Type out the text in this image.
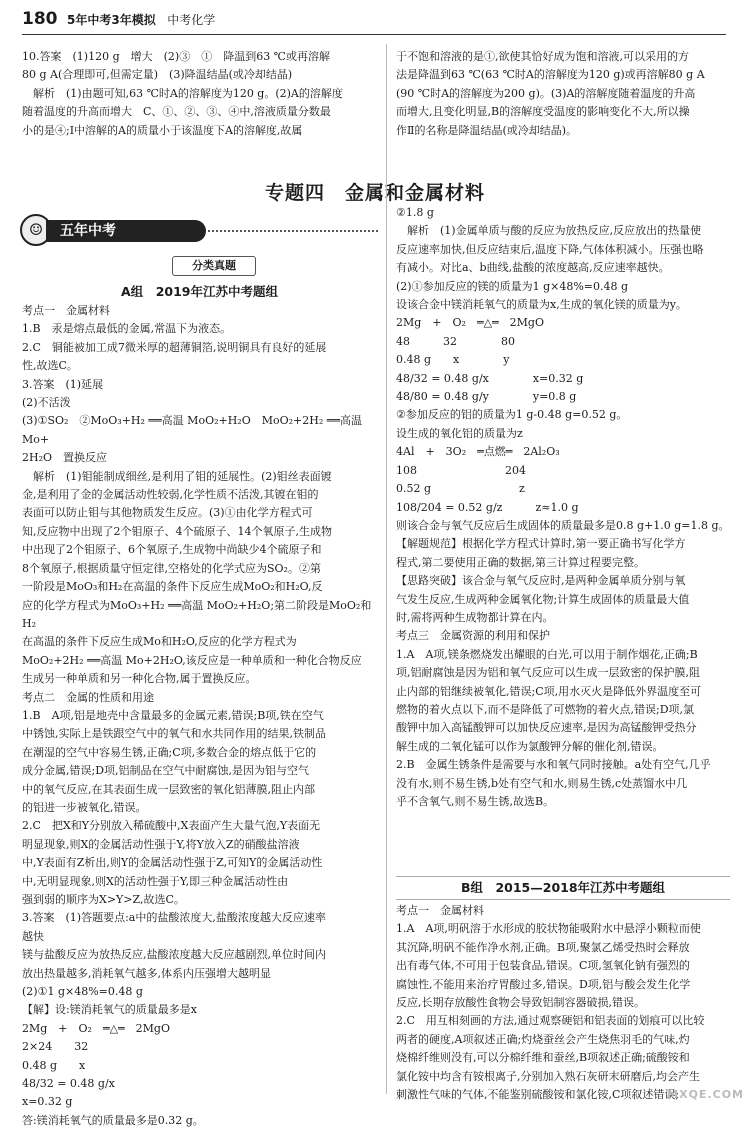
180 5年中考3年模拟 中考化学
10.答案　(1)120 g　增大　(2)③　①　降温到63 ℃或再溶解
80 g A(合理即可,但需定量)　(3)降温结晶(或冷却结晶)
　解析　(1)由题可知,63 ℃时A的溶解度为120 g。(2)A的溶解度
随着温度的升高而增大　C、①、②、③、④中,溶液质量分数最
小的是④;Ⅰ中溶解的A的质量小于该温度下A的溶解度,故属
于不饱和溶液的是①,欲使其恰好成为饱和溶液,可以采用的方
法是降温到63 ℃(63 ℃时A的溶解度为120 g)或再溶解80 g A
(90 ℃时A的溶解度为200 g)。(3)A的溶解度随着温度的升高
而增大,且变化明显,B的溶解度受温度的影响变化不大,所以操
作Ⅱ的名称是降温结晶(或冷却结晶)。
专题四　金属和金属材料
☺	五年中考
分类真题
A组　2019年江苏中考题组
考点一　金属材料
1.B　汞是熔点最低的金属,常温下为液态。
2.C　铜能被加工成7微米厚的超薄铜箔,说明铜具有良好的延展
性,故选C。
3.答案　(1)延展
(2)不活泼
(3)①SO₂　②MoO₃+H₂ ══高温 MoO₂+H₂O　MoO₂+2H₂ ══高温 Mo+
2H₂O　置换反应
　解析　(1)钼能制成细丝,是利用了钼的延展性。(2)钼丝表面镀
金,是利用了金的金属活动性较弱,化学性质不活泼,其镀在钼的
表面可以防止钼与其他物质发生反应。(3)①由化学方程式可
知,反应物中出现了2个钼原子、4个硫原子、14个氧原子,生成物
中出现了2个钼原子、6个氧原子,生成物中尚缺少4个硫原子和
8个氧原子,根据质量守恒定律,空格处的化学式应为SO₂。②第
一阶段是MoO₃和H₂在高温的条件下反应生成MoO₂和H₂O,反
应的化学方程式为MoO₃+H₂ ══高温 MoO₂+H₂O;第二阶段是MoO₂和H₂
在高温的条件下反应生成Mo和H₂O,反应的化学方程式为
MoO₂+2H₂ ══高温 Mo+2H₂O,该反应是一种单质和一种化合物反应
生成另一种单质和另一种化合物,属于置换反应。
考点二　金属的性质和用途
1.B　A项,铝是地壳中含量最多的金属元素,错误;B项,铁在空气
中锈蚀,实际上是铁跟空气中的氧气和水共同作用的结果,铁制品
在潮湿的空气中容易生锈,正确;C项,多数合金的熔点低于它的
成分金属,错误;D项,铝制品在空气中耐腐蚀,是因为铝与空气
中的氧气反应,在其表面生成一层致密的氧化铝薄膜,阻止内部
的铝进一步被氧化,错误。
2.C　把X和Y分别放入稀硫酸中,X表面产生大量气泡,Y表面无
明显现象,则X的金属活动性强于Y,将Y放入Z的硝酸盐溶液
中,Y表面有Z析出,则Y的金属活动性强于Z,可知Y的金属活动性
中,无明显现象,则X的活动性强于Y,即三种金属活动性由
强到弱的顺序为X>Y>Z,故选C。
3.答案　(1)答题要点:a中的盐酸浓度大,盐酸浓度越大反应速率
越快
镁与盐酸反应为放热反应,盐酸浓度越大反应越剧烈,单位时间内
放出热量越多,消耗氧气越多,体系内压强增大越明显
(2)①1 g×48%=0.48 g
【解】设:镁消耗氧气的质量最多是x
2Mg　+　O₂　═△═　2MgO
2×24　　32
0.48 g　　x
48/32 = 0.48 g/x
x=0.32 g
答:镁消耗氧气的质量最多是0.32 g。
②1.8 g
　解析　(1)金属单质与酸的反应为放热反应,反应放出的热量使
反应速率加快,但反应结束后,温度下降,气体体积减小。压强也略
有减小。对比a、b曲线,盐酸的浓度越高,反应速率越快。
(2)①参加反应的镁的质量为1 g×48%=0.48 g
设该合金中镁消耗氧气的质量为x,生成的氧化镁的质量为y。
2Mg　+　O₂　═△═　2MgO
48　　　32　　　　80
0.48 g　　x　　　　y
48/32 = 0.48 g/x　　　　x=0.32 g
48/80 = 0.48 g/y　　　　y=0.8 g
②参加反应的铝的质量为1 g-0.48 g=0.52 g。
设生成的氧化铝的质量为z
4Al　+　3O₂　═点燃═　2Al₂O₃
108　　　　　　　　204
0.52 g　　　　　　　　z
108/204 = 0.52 g/z　　　z≈1.0 g
则该合金与氧气反应后生成固体的质量最多是0.8 g+1.0 g=1.8 g。
【解题规范】根据化学方程式计算时,第一要正确书写化学方
程式,第二要使用正确的数据,第三计算过程要完整。
【思路突破】该合金与氧气反应时,是两种金属单质分别与氧
气发生反应,生成两种金属氧化物;计算生成固体的质量最大值
时,需将两种生成物都计算在内。
考点三　金属资源的利用和保护
1.A　A项,镁条燃烧发出耀眼的白光,可以用于制作烟花,正确;B
项,铝耐腐蚀是因为铝和氧气反应可以生成一层致密的保护膜,阻
止内部的铝继续被氧化,错误;C项,用水灭火是降低外界温度至可
燃物的着火点以下,而不是降低了可燃物的着火点,错误;D项,氯
酸钾中加入高锰酸钾可以加快反应速率,是因为高锰酸钾受热分
解生成的二氧化锰可以作为氯酸钾分解的催化剂,错误。
2.B　金属生锈条件是需要与水和氧气同时接触。a处有空气,几乎
没有水,则不易生锈,b处有空气和水,则易生锈,c处蒸馏水中几
乎不含氧气,则不易生锈,故选B。
B组　2015—2018年江苏中考题组
考点一　金属材料
1.A　A项,明矾溶于水形成的胶状物能吸附水中悬浮小颗粒而使
其沉降,明矾不能作净水剂,正确。B项,聚氯乙烯受热时会释放
出有毒气体,不可用于包装食品,错误。C项,氢氧化钠有强烈的
腐蚀性,不能用来治疗胃酸过多,错误。D项,铝与酸会发生化学
反应,长期存放酸性食物会导致铝制容器破损,错误。
2.C　用互相刻画的方法,通过观察硬铝和铝表面的划痕可以比较
两者的硬度,A项叙述正确;灼烧蚕丝会产生烧焦羽毛的气味,灼
烧棉纤维则没有,可以分棉纤维和蚕丝,B项叙述正确;硫酸铵和
氯化铵中均含有铵根离子,分别加入熟石灰研末研磨后,均会产生
刺激性气味的气体,不能鉴别硫酸铵和氯化铵,C项叙述错误;
MXQE.COM
